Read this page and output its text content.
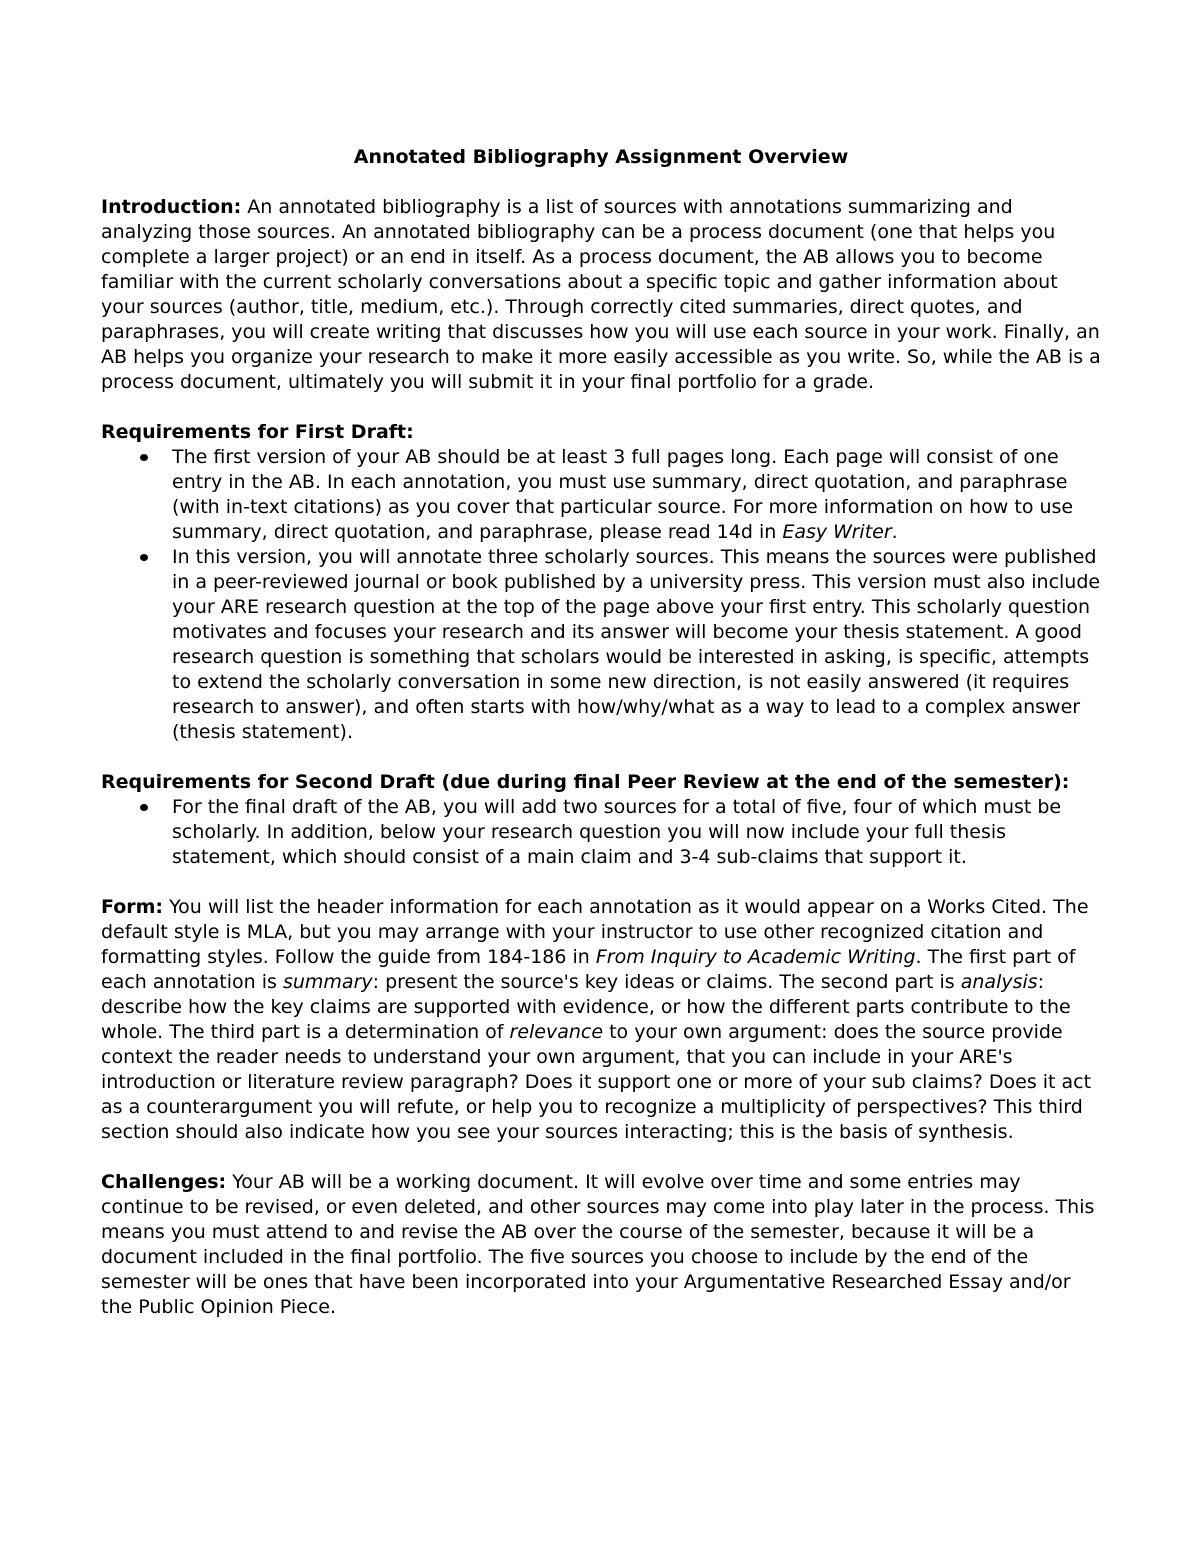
Annotated Bibliography Assignment Overview

Introduction: An annotated bibliography is a list of sources with annotations summarizing and analyzing those sources. An annotated bibliography can be a process document (one that helps you complete a larger project) or an end in itself. As a process document, the AB allows you to become familiar with the current scholarly conversations about a specific topic and gather information about your sources (author, title, medium, etc.). Through correctly cited summaries, direct quotes, and paraphrases, you will create writing that discusses how you will use each source in your work. Finally, an AB helps you organize your research to make it more easily accessible as you write. So, while the AB is a process document, ultimately you will submit it in your final portfolio for a grade.

Requirements for First Draft:
The first version of your AB should be at least 3 full pages long. Each page will consist of one entry in the AB. In each annotation, you must use summary, direct quotation, and paraphrase (with in-text citations) as you cover that particular source. For more information on how to use summary, direct quotation, and paraphrase, please read 14d in Easy Writer.
In this version, you will annotate three scholarly sources. This means the sources were published in a peer-reviewed journal or book published by a university press. This version must also include your ARE research question at the top of the page above your first entry. This scholarly question motivates and focuses your research and its answer will become your thesis statement. A good research question is something that scholars would be interested in asking, is specific, attempts to extend the scholarly conversation in some new direction, is not easily answered (it requires research to answer), and often starts with how/why/what as a way to lead to a complex answer (thesis statement).
Requirements for Second Draft (due during final Peer Review at the end of the semester):
For the final draft of the AB, you will add two sources for a total of five, four of which must be scholarly. In addition, below your research question you will now include your full thesis statement, which should consist of a main claim and 3-4 sub-claims that support it.

Form: You will list the header information for each annotation as it would appear on a Works Cited. The default style is MLA, but you may arrange with your instructor to use other recognized citation and formatting styles. Follow the guide from 184-186 in From Inquiry to Academic Writing. The first part of each annotation is summary: present the source's key ideas or claims. The second part is analysis: describe how the key claims are supported with evidence, or how the different parts contribute to the whole. The third part is a determination of relevance to your own argument: does the source provide context the reader needs to understand your own argument, that you can include in your ARE's introduction or literature review paragraph? Does it support one or more of your sub claims? Does it act as a counterargument you will refute, or help you to recognize a multiplicity of perspectives? This third section should also indicate how you see your sources interacting; this is the basis of synthesis.

Challenges: Your AB will be a working document. It will evolve over time and some entries may continue to be revised, or even deleted, and other sources may come into play later in the process. This means you must attend to and revise the AB over the course of the semester, because it will be a document included in the final portfolio. The five sources you choose to include by the end of the semester will be ones that have been incorporated into your Argumentative Researched Essay and/or the Public Opinion Piece.
